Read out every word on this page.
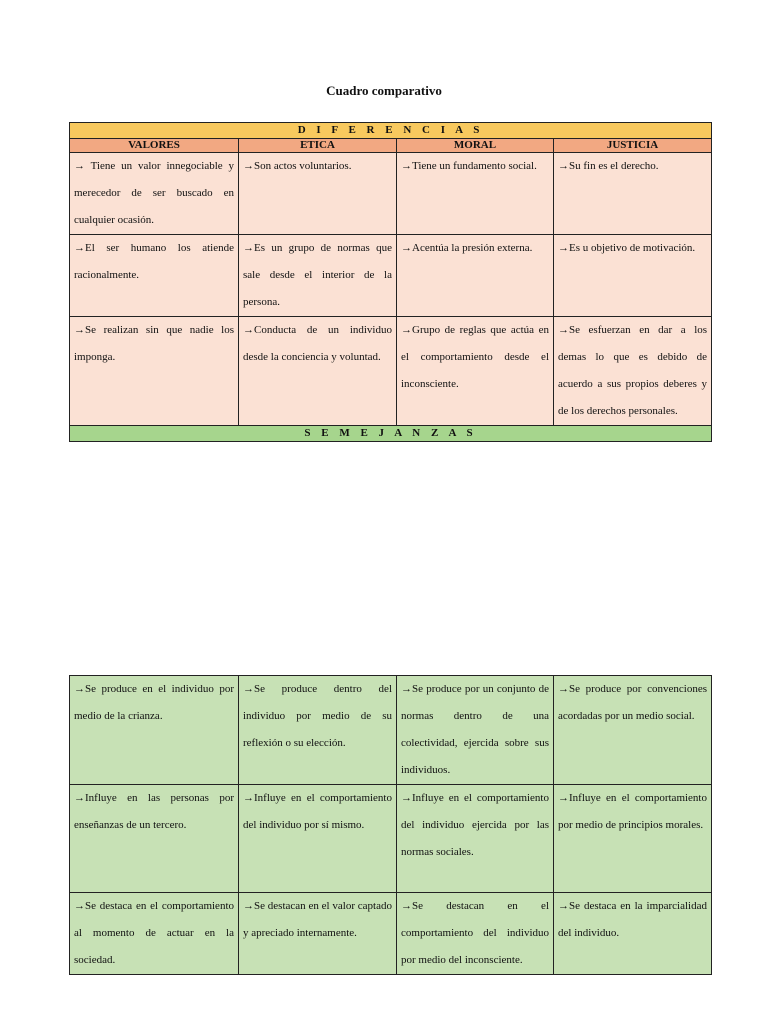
Cuadro comparativo
D I F E R E N C I A S			
VALORES	ETICA	MORAL	JUSTICIA
→ Tiene un valor innegociable y merecedor de ser buscado en cualquier ocasión.	→Son actos voluntarios.	→Tiene un fundamento social.	→Su fin es el derecho.
→El ser humano los atiende racionalmente.	→Es un grupo de normas que sale desde el interior de la persona.	→Acentúa la presión externa.	→Es u objetivo de motivación.
→Se realizan sin que nadie los imponga.	→Conducta de un individuo desde la conciencia y voluntad.	→Grupo de reglas que actúa en el comportamiento desde el inconsciente.	→Se esfuerzan en dar a los demas lo que es debido de acuerdo a sus propios deberes y de los derechos personales.
S E M E J A N Z A S			
→Se produce en el individuo por medio de la crianza.	→Se produce dentro del individuo por medio de su reflexión o su elección.	→Se produce por un conjunto de normas dentro de una colectividad, ejercida sobre sus individuos.	→Se produce por convenciones acordadas por un medio social.
→Influye en las personas por enseñanzas de un tercero.	→Influye en el comportamiento del individuo por sí mismo.	→Influye en el comportamiento del individuo ejercida por las normas sociales.	→Influye en el comportamiento por medio de principios morales.
→Se destaca en el comportamiento al momento de actuar en la sociedad.	→Se destacan en el valor captado y apreciado internamente.	→Se destacan en el comportamiento del individuo por medio del inconsciente.	→Se destaca en la imparcialidad del individuo.
